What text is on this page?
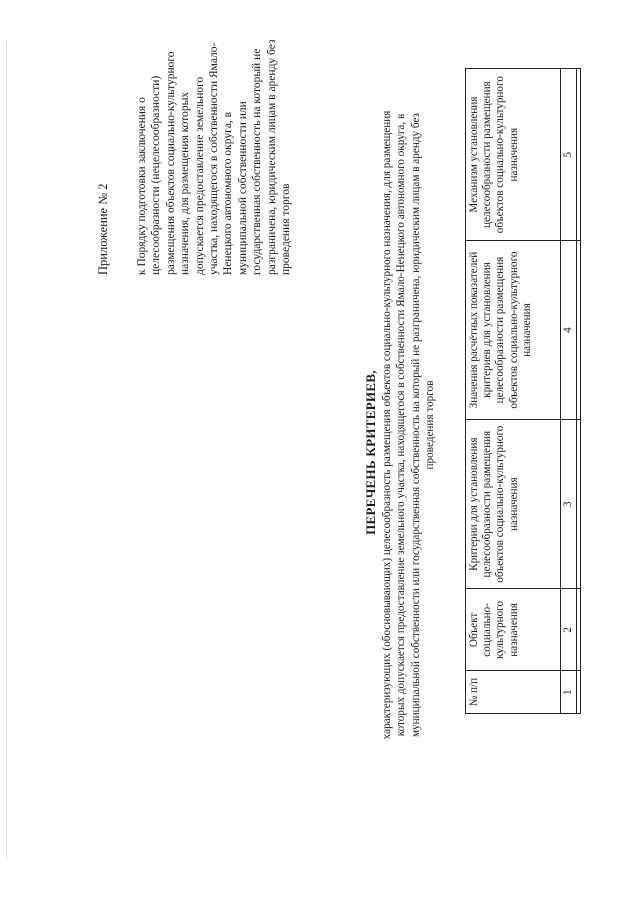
Приложение № 2 к Порядку подготовки заключения о целесообразности (нецелесообразности) размещения объектов социально-культурного назначения, для размещения которых допускается предоставление земельного участка, находящегося в собственности Ямало-Ненецкого автономного округа, в муниципальной собственности или государственная собственность на который не разграничена, юридическим лицам в аренду без проведения торгов
ПЕРЕЧЕНЬ КРИТЕРИЕВ, характеризующих (обосновывающих) целесообразность размещения объектов социально-культурного назначения, для размещения которых допускается предоставление земельного участка, находящегося в собственности Ямало-Ненецкого автономного округа, в муниципальной собственности или государственная собственность на который не разграничена, юридическим лицам в аренду без проведения торгов
№ п/п	Объект социально-культурного назначения	Критерии для установления целесообразности размещения объектов социально-культурного назначения	Значения расчётных показателей критериев для установления целесообразности размещения объектов социально-культурного назначения	Механизм установления целесообразности размещения объектов социально-культурного назначения
1	2	3	4	5
